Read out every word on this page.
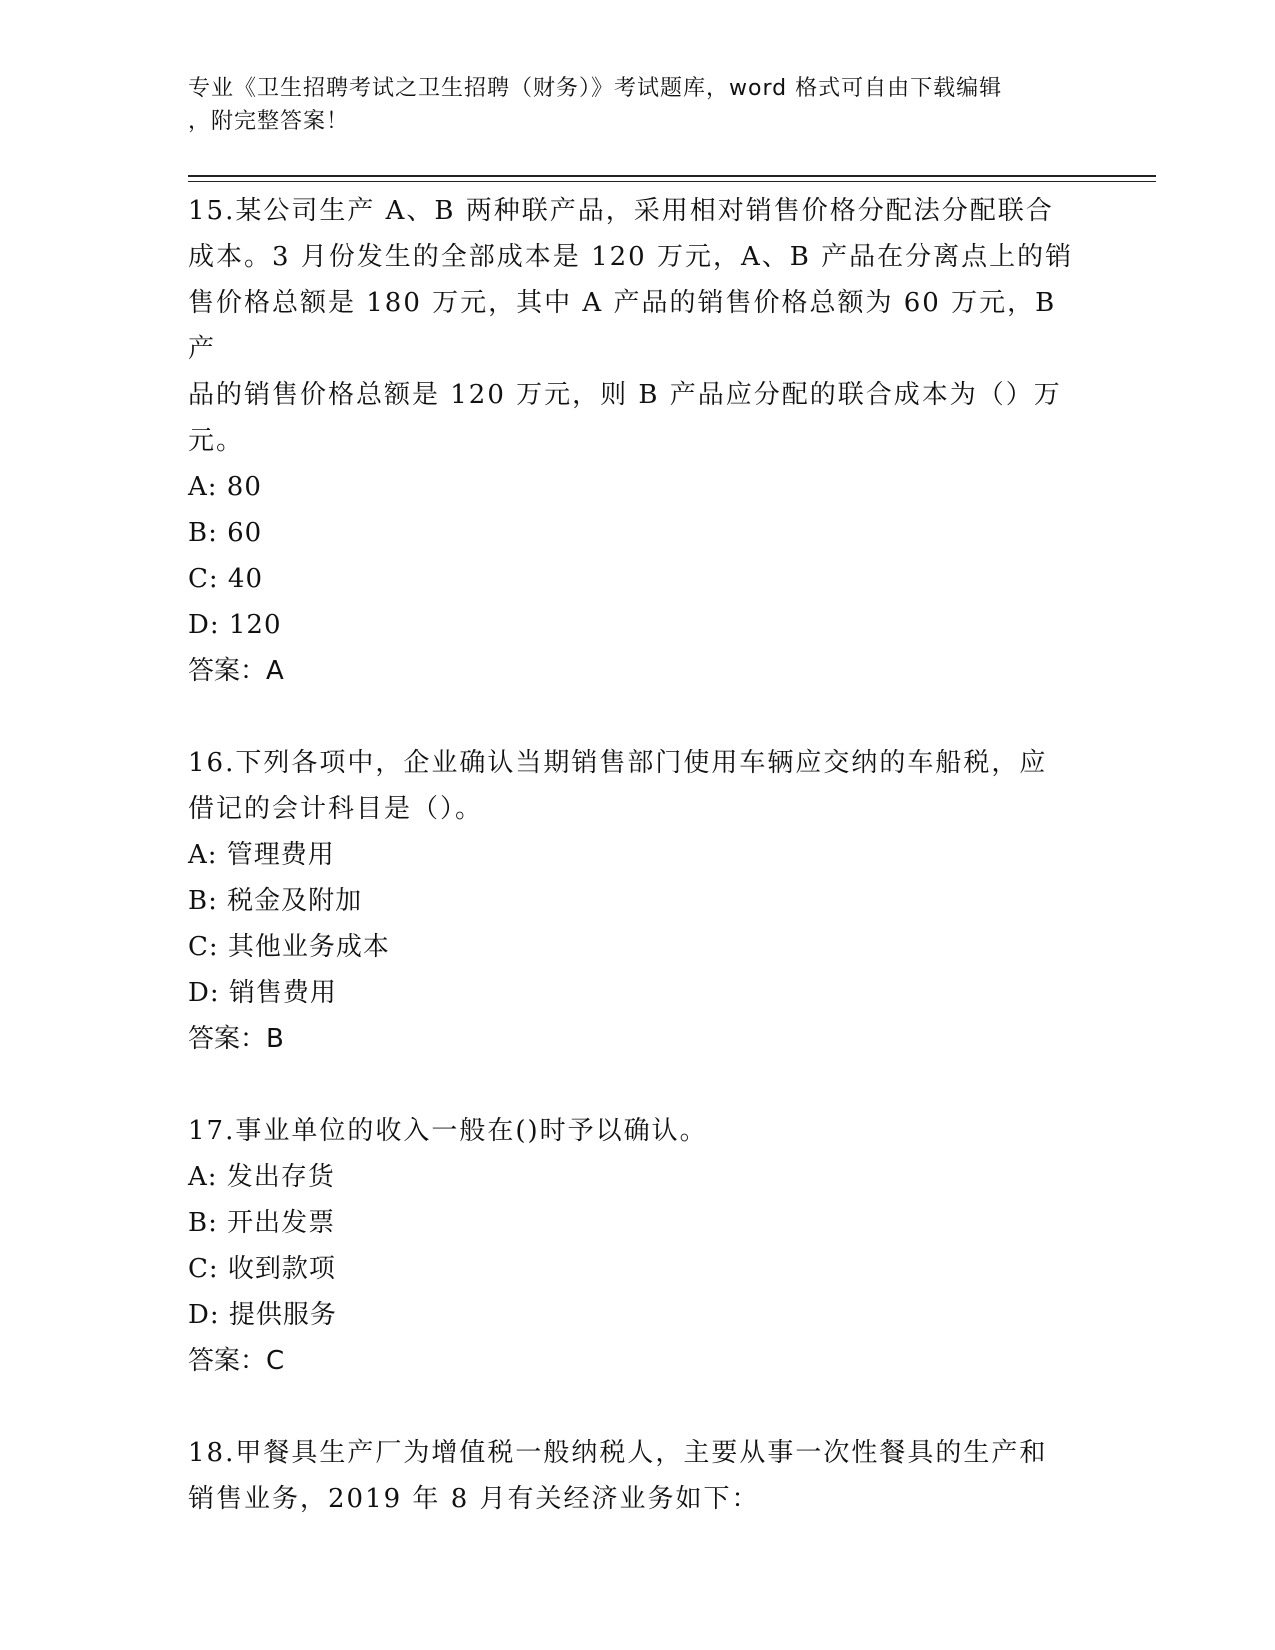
专业《卫生招聘考试之卫生招聘（财务）》考试题库，word 格式可自由下载编辑
，附完整答案！
15.某公司生产 A、B 两种联产品，采用相对销售价格分配法分配联合
成本。3 月份发生的全部成本是 120 万元，A、B 产品在分离点上的销
售价格总额是 180 万元，其中 A 产品的销售价格总额为 60 万元，B 产
品的销售价格总额是 120 万元，则 B 产品应分配的联合成本为（）万
元。
A: 80
B: 60
C: 40
D: 120
答案：A
16.下列各项中，企业确认当期销售部门使用车辆应交纳的车船税，应
借记的会计科目是（）。
A: 管理费用
B: 税金及附加
C: 其他业务成本
D: 销售费用
答案：B
17.事业单位的收入一般在()时予以确认。
A: 发出存货
B: 开出发票
C: 收到款项
D: 提供服务
答案：C
18.甲餐具生产厂为增值税一般纳税人，主要从事一次性餐具的生产和
销售业务，2019 年 8 月有关经济业务如下：
